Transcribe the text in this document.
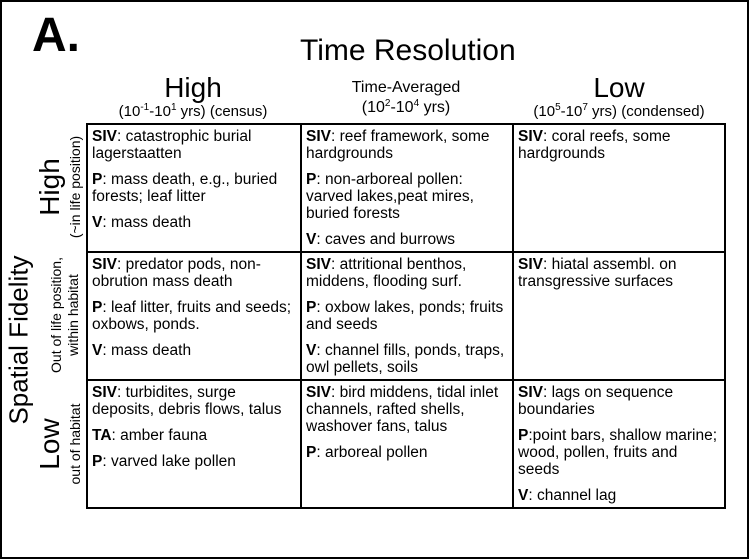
A.	Time Resolution
High
($10^{-1}-10^1$ yrs) (census)
Time-Averaged
($10^2-10^4$ yrs)
Low
($10^5-10^7$ yrs) (condensed)
Spatial Fidelity
High (~in life position)
Out of life position,
within habitat
Low out of habitat

SIV: catastrophic burial lagerstaatten

P: mass death, e.g., buried forests; leaf litter

V: mass death

SIV: reef framework, some hardgrounds

P: non-arboreal pollen: varved lakes,peat mires, buried forests

V: caves and burrows

SIV: coral reefs, some hardgrounds

SIV: predator pods, non-obrution mass death

P: leaf litter, fruits and seeds; oxbows, ponds.

V: mass death

SIV: attritional benthos, middens, flooding surf.

P: oxbow lakes, ponds; fruits and seeds

V: channel fills, ponds, traps, owl pellets, soils

SIV: hiatal assembl. on transgressive surfaces

SIV: turbidites, surge deposits, debris flows, talus

TA: amber fauna

P: varved lake pollen

SIV: bird middens, tidal inlet channels, rafted shells, washover fans, talus

P: arboreal pollen

SIV: lags on sequence boundaries

P:point bars, shallow marine; wood, pollen, fruits and seeds

V: channel lag
